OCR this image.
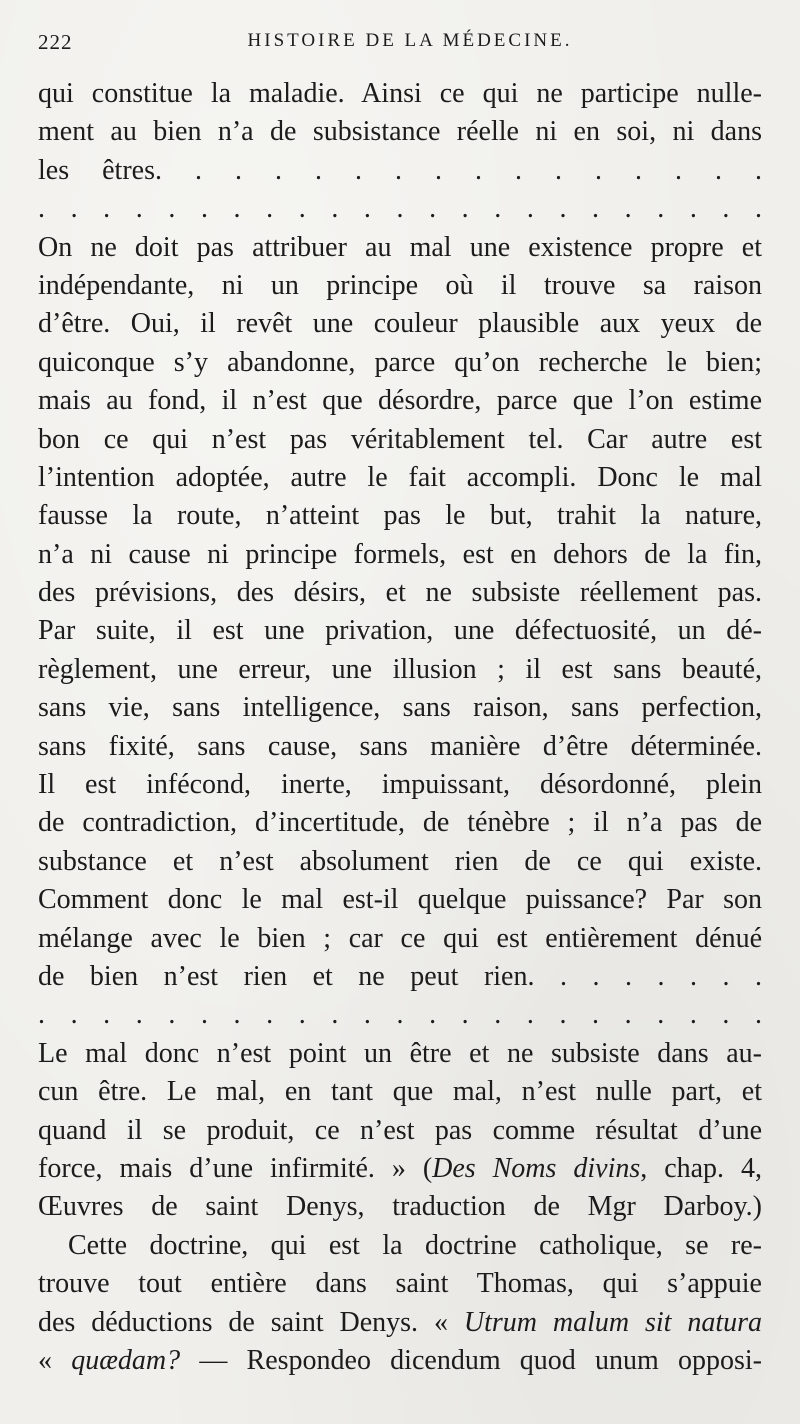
222	HISTOIRE DE LA MÉDECINE.
qui constitue la maladie. Ainsi ce qui ne participe nulle-
ment au bien n’a de subsistance réelle ni en soi, ni dans
les êtres. . . . . . . . . . . . . . . .
. . . . . . . . . . . . . . . . . . . . . . .
On ne doit pas attribuer au mal une existence propre et
indépendante, ni un principe où il trouve sa raison
d’être. Oui, il revêt une couleur plausible aux yeux de
quiconque s’y abandonne, parce qu’on recherche le bien;
mais au fond, il n’est que désordre, parce que l’on estime
bon ce qui n’est pas véritablement tel. Car autre est
l’intention adoptée, autre le fait accompli. Donc le mal
fausse la route, n’atteint pas le but, trahit la nature,
n’a ni cause ni principe formels, est en dehors de la fin,
des prévisions, des désirs, et ne subsiste réellement pas.
Par suite, il est une privation, une défectuosité, un dé-
règlement, une erreur, une illusion ; il est sans beauté,
sans vie, sans intelligence, sans raison, sans perfection,
sans fixité, sans cause, sans manière d’être déterminée.
Il est infécond, inerte, impuissant, désordonné, plein
de contradiction, d’incertitude, de ténèbre ; il n’a pas de
substance et n’est absolument rien de ce qui existe.
Comment donc le mal est-il quelque puissance? Par son
mélange avec le bien ; car ce qui est entièrement dénué
de bien n’est rien et ne peut rien. . . . . . . .
. . . . . . . . . . . . . . . . . . . . . . .
Le mal donc n’est point un être et ne subsiste dans au-
cun être. Le mal, en tant que mal, n’est nulle part, et
quand il se produit, ce n’est pas comme résultat d’une
force, mais d’une infirmité. » (Des Noms divins, chap. 4,
Œuvres de saint Denys, traduction de Mgr Darboy.)
Cette doctrine, qui est la doctrine catholique, se re-
trouve tout entière dans saint Thomas, qui s’appuie
des déductions de saint Denys. « Utrum malum sit natura
« quædam? — Respondeo dicendum quod unum opposi-
